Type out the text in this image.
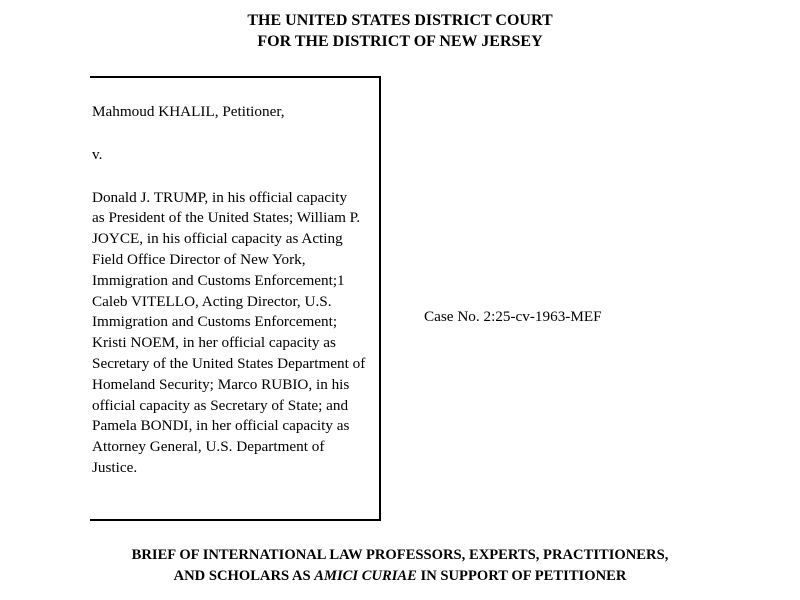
THE UNITED STATES DISTRICT COURT
FOR THE DISTRICT OF NEW JERSEY

Mahmoud KHALIL, Petitioner,

v.

Donald J. TRUMP, in his official capacity
as President of the United States; William P.
JOYCE, in his official capacity as Acting
Field Office Director of New York,
Immigration and Customs Enforcement;1
Caleb VITELLO, Acting Director, U.S.
Immigration and Customs Enforcement;
Kristi NOEM, in her official capacity as
Secretary of the United States Department of
Homeland Security; Marco RUBIO, in his
official capacity as Secretary of State; and
Pamela BONDI, in her official capacity as
Attorney General, U.S. Department of
Justice.

Case No. 2:25-cv-1963-MEF
BRIEF OF INTERNATIONAL LAW PROFESSORS, EXPERTS, PRACTITIONERS,
AND SCHOLARS AS AMICI CURIAE IN SUPPORT OF PETITIONER
